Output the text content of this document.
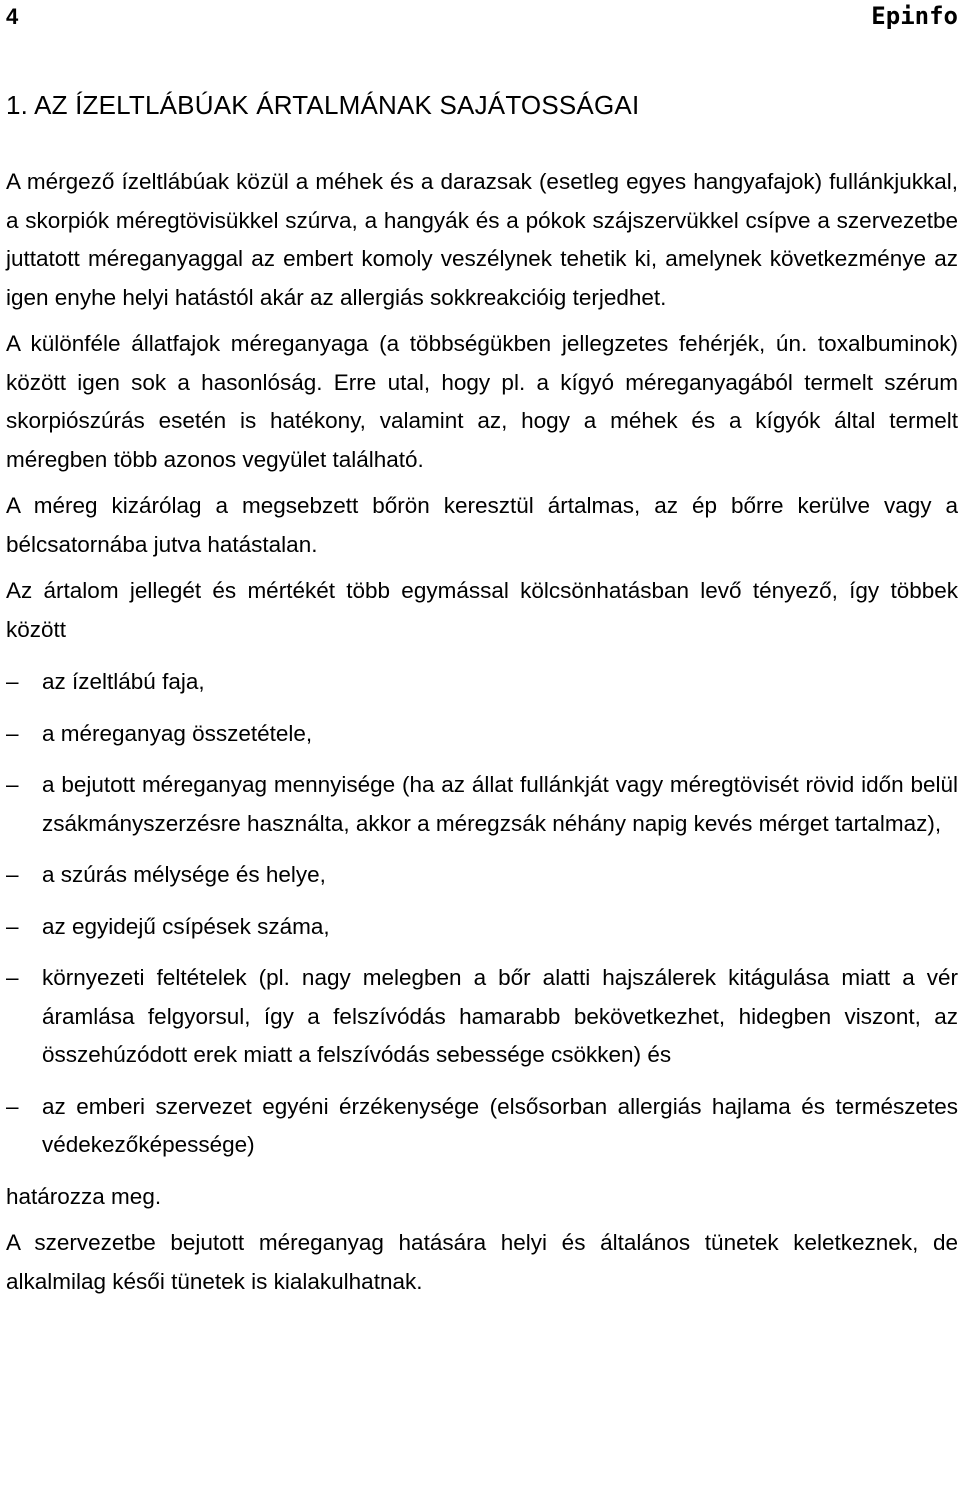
4	Epinfo
1. AZ ÍZELTLÁBÚAK ÁRTALMÁNAK SAJÁTOSSÁGAI

A mérgező ízeltlábúak közül a méhek és a darazsak (esetleg egyes hangyafajok) fullánkjukkal, a skorpiók méregtövisükkel szúrva, a hangyák és a pókok szájszervükkel csípve a szervezetbe juttatott méreganyaggal az embert komoly veszélynek tehetik ki, amelynek következménye az igen enyhe helyi hatástól akár az allergiás sokkreakcióig terjedhet.

A különféle állatfajok méreganyaga (a többségükben jellegzetes fehérjék, ún. toxalbuminok) között igen sok a hasonlóság. Erre utal, hogy pl. a kígyó méreganyagából termelt szérum skorpiószúrás esetén is hatékony, valamint az, hogy a méhek és a kígyók által termelt méregben több azonos vegyület található.

A méreg kizárólag a megsebzett bőrön keresztül ártalmas, az ép bőrre kerülve vagy a bélcsatornába jutva hatástalan.

Az ártalom jellegét és mértékét több egymással kölcsönhatásban levő tényező, így többek között

– az ízeltlábú faja,
– a méreganyag összetétele,
– a bejutott méreganyag mennyisége (ha az állat fullánkját vagy méregtövisét rövid időn belül zsákmányszerzésre használta, akkor a méregzsák néhány napig kevés mérget tartalmaz),
– a szúrás mélysége és helye,
– az egyidejű csípések száma,
– környezeti feltételek (pl. nagy melegben a bőr alatti hajszálerek kitágulása miatt a vér áramlása felgyorsul, így a felszívódás hamarabb bekövetkezhet, hidegben viszont, az összehúzódott erek miatt a felszívódás sebessége csökken) és
– az emberi szervezet egyéni érzékenysége (elsősorban allergiás hajlama és természetes védekezőképessége)

határozza meg.

A szervezetbe bejutott méreganyag hatására helyi és általános tünetek keletkeznek, de alkalmilag késői tünetek is kialakulhatnak.
